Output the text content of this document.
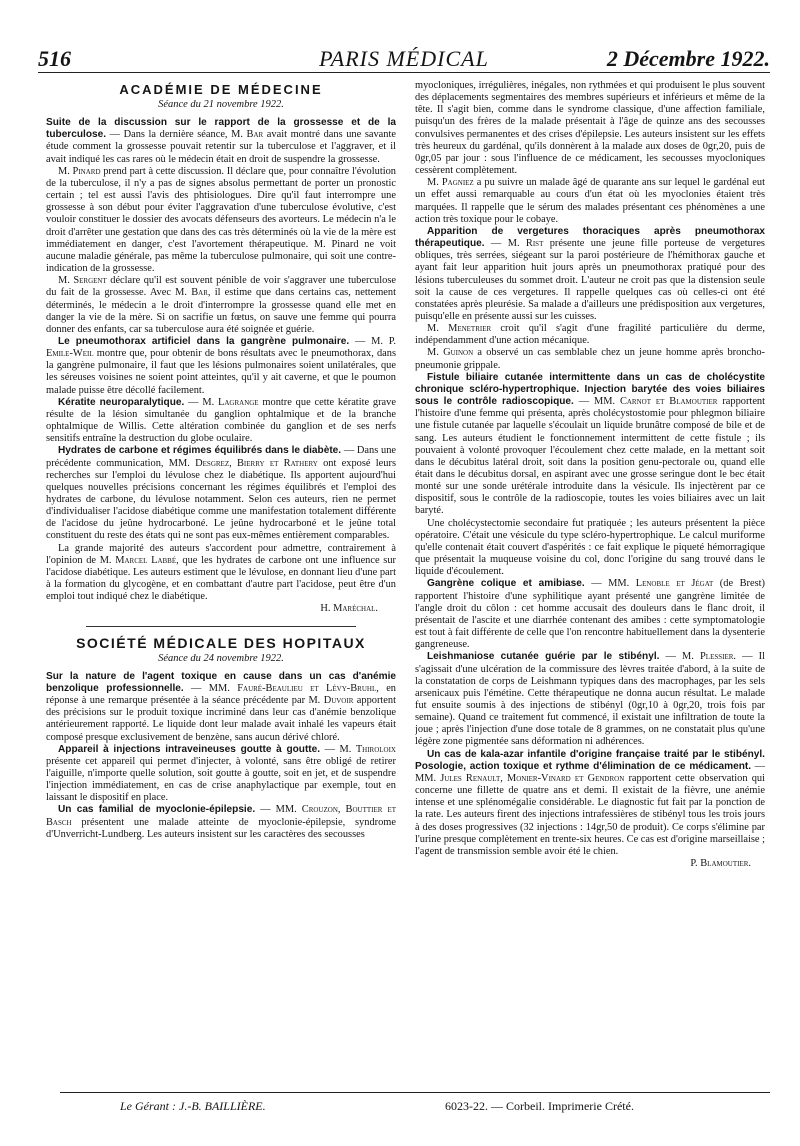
PARIS MÉDICAL
516	2 Décembre 1922.
ACADÉMIE DE MÉDECINE
Séance du 21 novembre 1922.

Suite de la discussion sur le rapport de la grossesse et de la tuberculose. — Dans la dernière séance, M. Bar avait montré dans une savante étude comment la grossesse pouvait retentir sur la tuberculose et l'aggraver, et il avait indiqué les cas rares où le médecin était en droit de suspendre la grossesse.

M. Pinard prend part à cette discussion. Il déclare que, pour connaître l'évolution de la tuberculose, il n'y a pas de signes absolus permettant de porter un pronostic certain ; tel est aussi l'avis des phtisiologues. Dire qu'il faut interrompre une grossesse à son début pour éviter l'aggravation d'une tuberculose évolutive, c'est vouloir constituer le dossier des avocats défenseurs des avorteurs. Le médecin n'a le droit d'arrêter une gestation que dans des cas très déterminés où la vie de la mère est immédiatement en danger, c'est l'avortement thérapeutique. M. Pinard ne voit aucune maladie générale, pas même la tuberculose pulmonaire, qui soit une contre-indication de la grossesse.

M. Sergent déclare qu'il est souvent pénible de voir s'aggraver une tuberculose du fait de la grossesse. Avec M. Bar, il estime que dans certains cas, nettement déterminés, le médecin a le droit d'interrompre la grossesse quand elle met en danger la vie de la mère. Si on sacrifie un fœtus, on sauve une femme qui pourra donner des enfants, car sa tuberculose aura été soignée et guérie.

Le pneumothorax artificiel dans la gangrène pulmonaire. — M. P. Emile-Weil montre que, pour obtenir de bons résultats avec le pneumothorax, dans la gangrène pulmonaire, il faut que les lésions pulmonaires soient unilatérales, que les séreuses voisines ne soient point atteintes, qu'il y ait caverne, et que le poumon malade puisse être décollé facilement.

Kératite neuroparalytique. — M. Lagrange montre que cette kératite grave résulte de la lésion simultanée du ganglion ophtalmique et de la branche ophtalmique de Willis. Cette altération combinée du ganglion et de ses nerfs sensitifs entraîne la destruction du globe oculaire.

Hydrates de carbone et régimes équilibrés dans le diabète. — Dans une précédente communication, MM. Desgrez, Bierry et Rathery ont exposé leurs recherches sur l'emploi du lévulose chez le diabétique. Ils apportent aujourd'hui quelques nouvelles précisions concernant les régimes équilibrés et l'emploi des hydrates de carbone, du lévulose notamment. Selon ces auteurs, rien ne permet d'individualiser l'acidose diabétique comme une manifestation totalement différente de l'acidose du jeûne hydrocarboné. Le jeûne hydrocarboné et le jeûne total constituent du reste des états qui ne sont pas eux-mêmes entièrement comparables.

La grande majorité des auteurs s'accordent pour admettre, contrairement à l'opinion de M. Marcel Labbé, que les hydrates de carbone ont une influence sur l'acidose diabétique. Les auteurs estiment que le lévulose, en donnant lieu d'une part à la formation du glycogène, et en combattant d'autre part l'acidose, peut être d'un emploi tout indiqué chez le diabétique.

H. Maréchal.

SOCIÉTÉ MÉDICALE DES HOPITAUX
Séance du 24 novembre 1922.

Sur la nature de l'agent toxique en cause dans un cas d'anémie benzolique professionnelle. — MM. Fauré-Beaulieu et Lévy-Bruhl, en réponse à une remarque présentée à la séance précédente par M. Duvoir apportent des précisions sur le produit toxique incriminé dans leur cas d'anémie benzolique antérieurement rapporté. Le liquide dont leur malade avait inhalé les vapeurs était composé presque exclusivement de benzène, sans aucun dérivé chloré.

Appareil à injections intraveineuses goutte à goutte. — M. Thiroloix présente cet appareil qui permet d'injecter, à volonté, sans être obligé de retirer l'aiguille, n'importe quelle solution, soit goutte à goutte, soit en jet, et de suspendre l'injection immédiatement, en cas de crise anaphylactique par exemple, tout en laissant le dispositif en place.

Un cas familial de myoclonie-épilepsie. — MM. Crouzon, Bouttier et Basch présentent une malade atteinte de myoclonie-épilepsie, syndrome d'Unverricht-Lundberg. Les auteurs insistent sur les caractères des secousses

myocloniques, irrégulières, inégales, non rythmées et qui produisent le plus souvent des déplacements segmentaires des membres supérieurs et inférieurs et même de la tête. Il s'agit bien, comme dans le syndrome classique, d'une affection familiale, puisqu'un des frères de la malade présentait à l'âge de quinze ans des secousses convulsives permanentes et des crises d'épilepsie. Les auteurs insistent sur les effets très heureux du gardénal, qu'ils donnèrent à la malade aux doses de 0gr,20, puis de 0gr,05 par jour : sous l'influence de ce médicament, les secousses myocloniques cessèrent complètement.

M. Pagniez a pu suivre un malade âgé de quarante ans sur lequel le gardénal eut un effet aussi remarquable au cours d'un état où les myoclonies étaient très marquées. Il rappelle que le sérum des malades présentant ces phénomènes a une action très toxique pour le cobaye.

Apparition de vergetures thoraciques après pneumothorax thérapeutique. — M. Rist présente une jeune fille porteuse de vergetures obliques, très serrées, siégeant sur la paroi postérieure de l'hémithorax gauche et ayant fait leur apparition huit jours après un pneumothorax pratiqué pour des lésions tuberculeuses du sommet droit. L'auteur ne croit pas que la distension seule soit la cause de ces vergetures. Il rappelle quelques cas où celles-ci ont été constatées après pleurésie. Sa malade a d'ailleurs une prédisposition aux vergetures, puisqu'elle en présente aussi sur les cuisses.

M. Menetrier croit qu'il s'agit d'une fragilité particulière du derme, indépendamment d'une action mécanique.

M. Guinon a observé un cas semblable chez un jeune homme après broncho-pneumonie grippale.

Fistule biliaire cutanée intermittente dans un cas de cholécystite chronique scléro-hypertrophique. Injection barytée des voies biliaires sous le contrôle radioscopique. — MM. Carnot et Blamoutier rapportent l'histoire d'une femme qui présenta, après cholécystostomie pour phlegmon biliaire une fistule cutanée par laquelle s'écoulait un liquide brunâtre composé de bile et de sang. Les auteurs étudient le fonctionnement intermittent de cette fistule ; ils pouvaient à volonté provoquer l'écoulement chez cette malade, en la mettant soit dans le décubitus latéral droit, soit dans la position genu-pectorale ou, quand elle était dans le décubitus dorsal, en aspirant avec une grosse seringue dont le bec était monté sur une sonde urétérale introduite dans la vésicule. Ils injectèrent par ce dispositif, sous le contrôle de la radioscopie, toutes les voies biliaires avec un lait baryté.

Une cholécystectomie secondaire fut pratiquée ; les auteurs présentent la pièce opératoire. C'était une vésicule du type scléro-hypertrophique. Le calcul muriforme qu'elle contenait était couvert d'aspérités : ce fait explique le piqueté hémorragique que présentait la muqueuse voisine du col, donc l'origine du sang trouvé dans le liquide d'écoulement.

Gangrène colique et amibiase. — MM. Lenoble et Jégat (de Brest) rapportent l'histoire d'une syphilitique ayant présenté une gangrène limitée de l'angle droit du côlon : cet homme accusait des douleurs dans le flanc droit, il présentait de l'ascite et une diarrhée contenant des amibes : cette symptomatologie est tout à fait différente de celle que l'on rencontre habituellement dans la dysenterie gangreneuse.

Leishmaniose cutanée guérie par le stibényl. — M. Plessier. — Il s'agissait d'une ulcération de la commissure des lèvres traitée d'abord, à la suite de la constatation de corps de Leishmann typiques dans des macrophages, par les sels arsenicaux puis l'émétine. Cette thérapeutique ne donna aucun résultat. Le malade fut ensuite soumis à des injections de stibényl (0gr,10 à 0gr,20, trois fois par semaine). Quand ce traitement fut commencé, il existait une infiltration de toute la joue ; après l'injection d'une dose totale de 8 grammes, on ne constatait plus qu'une légère zone pigmentée sans déformation ni adhérences.

Un cas de kala-azar infantile d'origine française traité par le stibényl. Posologie, action toxique et rythme d'élimination de ce médicament. — MM. Jules Renault, Monier-Vinard et Gendron rapportent cette observation qui concerne une fillette de quatre ans et demi. Il existait de la fièvre, une anémie intense et une splénomégalie considérable. Le diagnostic fut fait par la ponction de la rate. Les auteurs firent des injections intrafessières de stibényl tous les trois jours à des doses progressives (32 injections : 14gr,50 de produit). Ce corps s'élimine par l'urine presque complètement en trente-six heures. Ce cas est d'origine marseillaise ; l'agent de transmission semble avoir été le chien.

P. Blamoutier.

Le Gérant : J.-B. BAILLIÈRE.	6023-22. — Corbeil. Imprimerie Crété.
